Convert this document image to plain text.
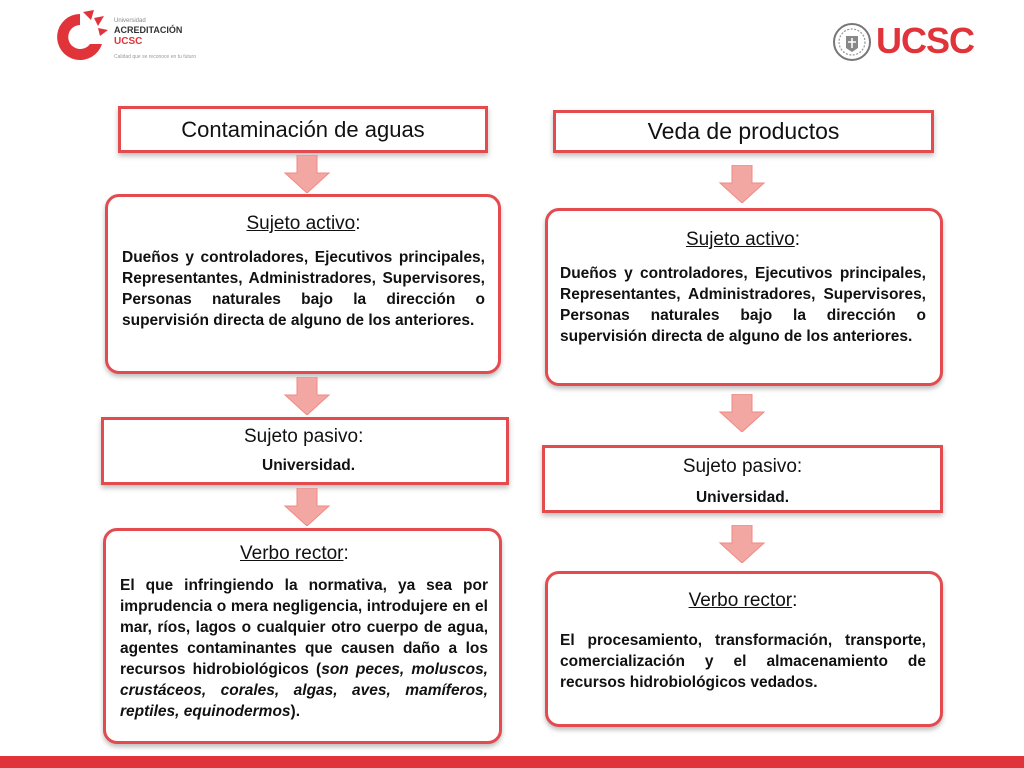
Universidad
ACREDITACIÓN
UCSC
Calidad que se reconoce en tu futuro	UCSC
Contaminación de aguas
Sujeto activo:
Dueños y controladores, Ejecutivos principales, Representantes, Administradores, Supervisores, Personas naturales bajo la dirección o supervisión directa de alguno de los anteriores.
Sujeto pasivo:
Universidad.
Verbo rector:
El que infringiendo la normativa, ya sea por imprudencia o mera negligencia, introdujere en el mar, ríos, lagos o cualquier otro cuerpo de agua, agentes contaminantes que causen daño a los recursos hidrobiológicos (son peces, moluscos, crustáceos, corales, algas, aves, mamíferos, reptiles, equinodermos).
Veda de productos
Sujeto activo:
Dueños y controladores, Ejecutivos principales, Representantes, Administradores, Supervisores, Personas naturales bajo la dirección o supervisión directa de alguno de los anteriores.
Sujeto pasivo:
Universidad.
Verbo rector:
El procesamiento, transformación, transporte, comercialización y el almacenamiento de recursos hidrobiológicos vedados.
